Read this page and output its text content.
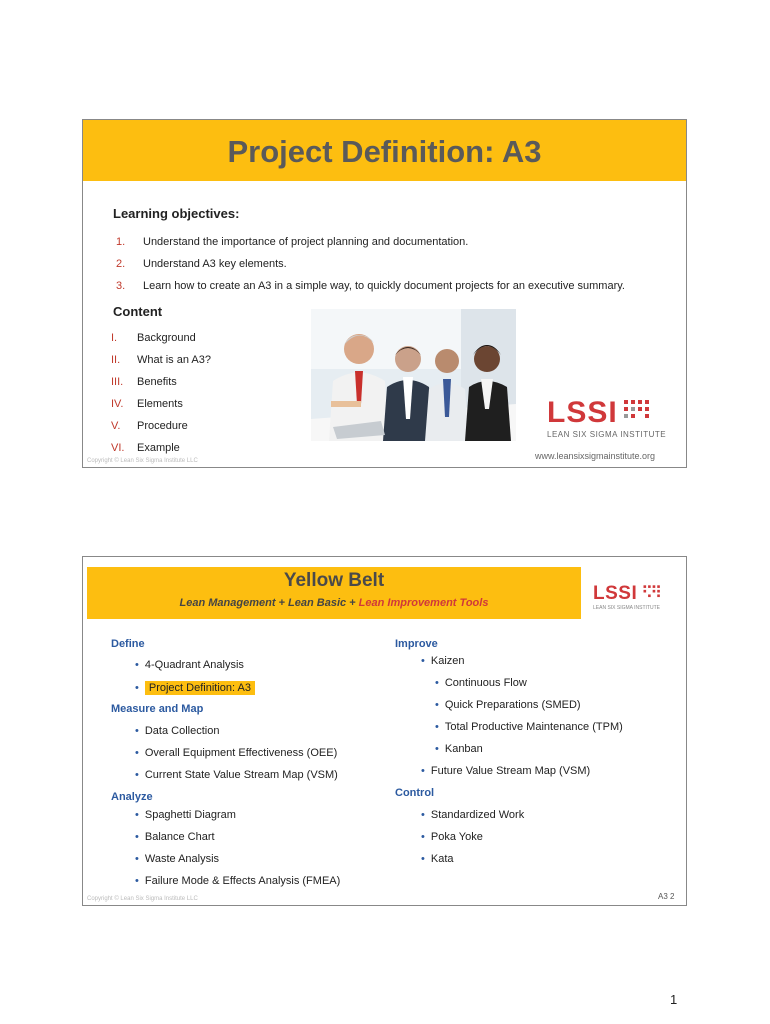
Project Definition: A3
Learning objectives:
1. Understand the importance of project planning and documentation.
2. Understand A3 key elements.
3. Learn how to create an A3 in a simple way, to quickly document projects for an executive summary.
Content
I. Background
II. What is an A3?
III. Benefits
IV. Elements
V. Procedure
VI. Example
LSSI
LEAN SIX SIGMA INSTITUTE
www.leansixsigmainstitute.org
Copyright © Lean Six Sigma Institute LLC
Yellow Belt
Lean Management + Lean Basic + Lean Improvement Tools	LSSI
LEAN SIX SIGMA INSTITUTE
Define
• 4-Quadrant Analysis
• Project Definition: A3
Measure and Map
• Data Collection
• Overall Equipment Effectiveness (OEE)
• Current State Value Stream Map (VSM)
Analyze
• Spaghetti Diagram
• Balance Chart
• Waste Analysis
• Failure Mode & Effects Analysis (FMEA)
Improve
• Kaizen
• Continuous Flow
• Quick Preparations (SMED)
• Total Productive Maintenance (TPM)
• Kanban
• Future Value Stream Map (VSM)
Control
• Standardized Work
• Poka Yoke
• Kata
A3 2
Copyright © Lean Six Sigma Institute LLC
1
